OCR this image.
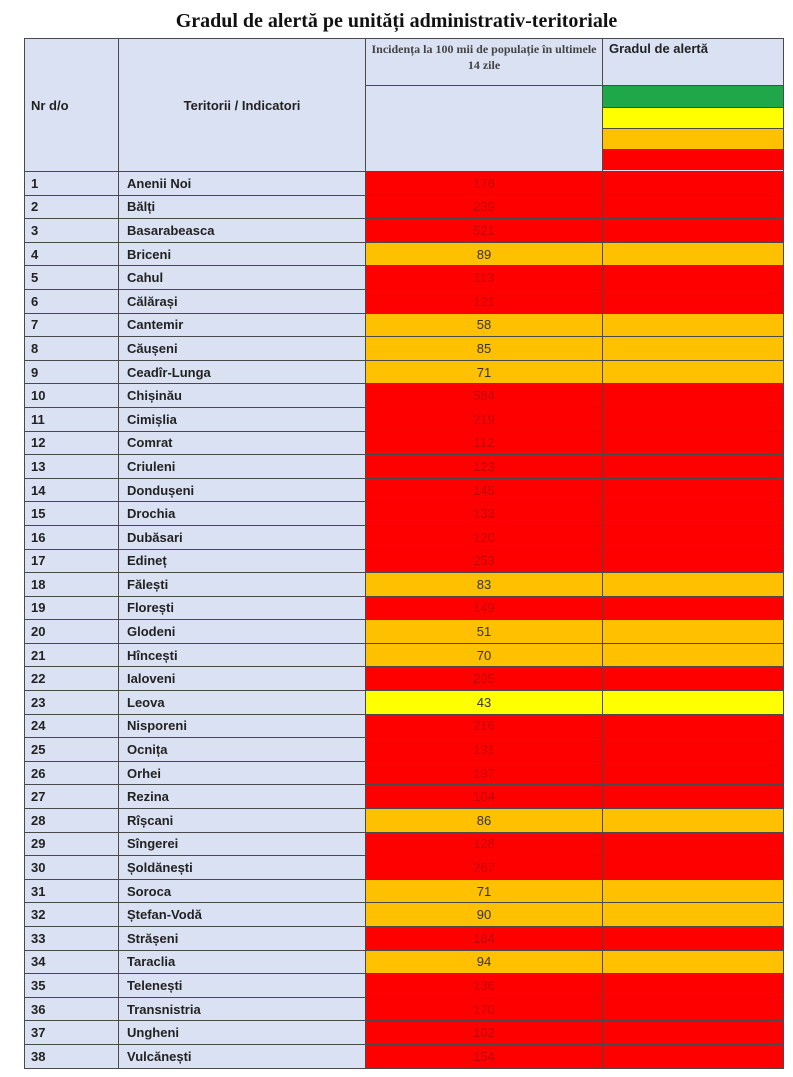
Gradul de alertă pe unități administrativ-teritoriale
Nr d/o	Teritorii / Indicatori	Incidența la 100 mii de populație în ultimele 14 zile	Gradul de alertă

1	Anenii Noi	176	
2	Bălți	239	
3	Basarabeasca	521	
4	Briceni	89	
5	Cahul	113	
6	Călărași	121	
7	Cantemir	58	
8	Căușeni	85	
9	Ceadîr-Lunga	71	
10	Chișinău	584	
11	Cimișlia	219	
12	Comrat	112	
13	Criuleni	123	
14	Dondușeni	145	
15	Drochia	133	
16	Dubăsari	120	
17	Edineț	253	
18	Fălești	83	
19	Florești	149	
20	Glodeni	51	
21	Hîncești	70	
22	Ialoveni	295	
23	Leova	43	
24	Nisporeni	216	
25	Ocnița	131	
26	Orhei	137	
27	Rezina	104	
28	Rîșcani	86	
29	Sîngerei	128	
30	Șoldănești	267	
31	Soroca	71	
32	Ștefan-Vodă	90	
33	Strășeni	164	
34	Taraclia	94	
35	Telenești	136	
36	Transnistria	170	
37	Ungheni	102	
38	Vulcănești	154	
